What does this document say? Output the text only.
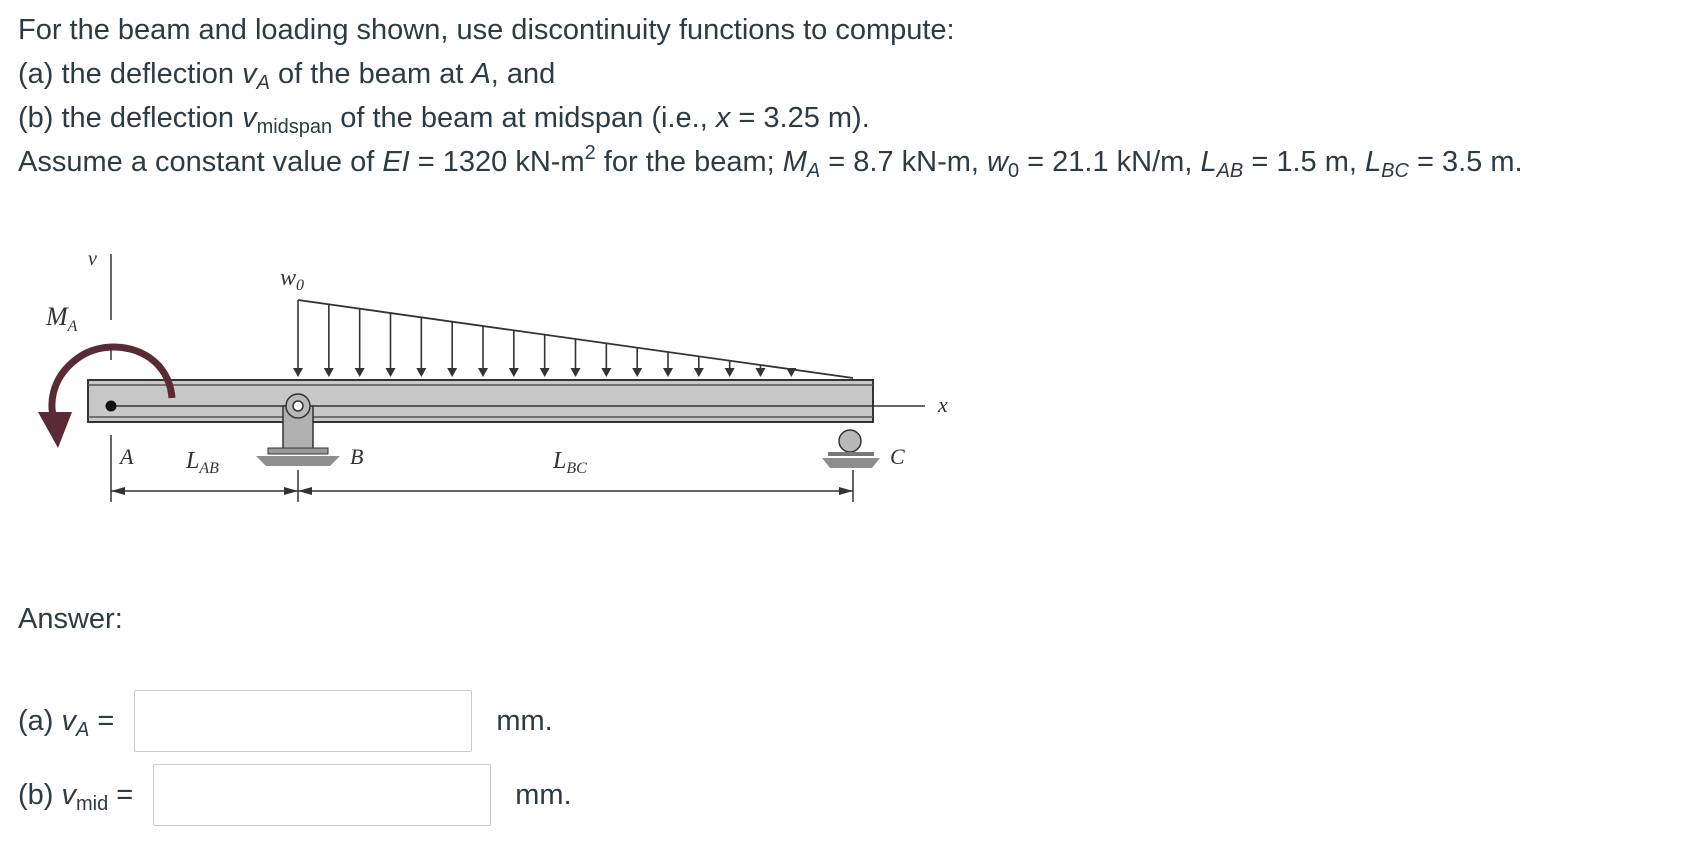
For the beam and loading shown, use discontinuity functions to compute:
(a) the deflection $v_A$ of the beam at A, and
(b) the deflection $v_{midspan}$ of the beam at midspan (i.e., x = 3.25 m).
Assume a constant value of EI = 1320 $kN-m^2$ for the beam; $M_A = 8.7$ kN-m, $w_0 = 21.1$ kN/m, $L_{AB} = 1.5$ m, $L_{BC} = 3.5$ m.
v
$M_A$
x
A
$w_0$
B	C
$L_{AB}$	$L_{BC}$
Answer:
(a) $v_A$ =	mm.
(b) $v_{mid}$ =	mm.
